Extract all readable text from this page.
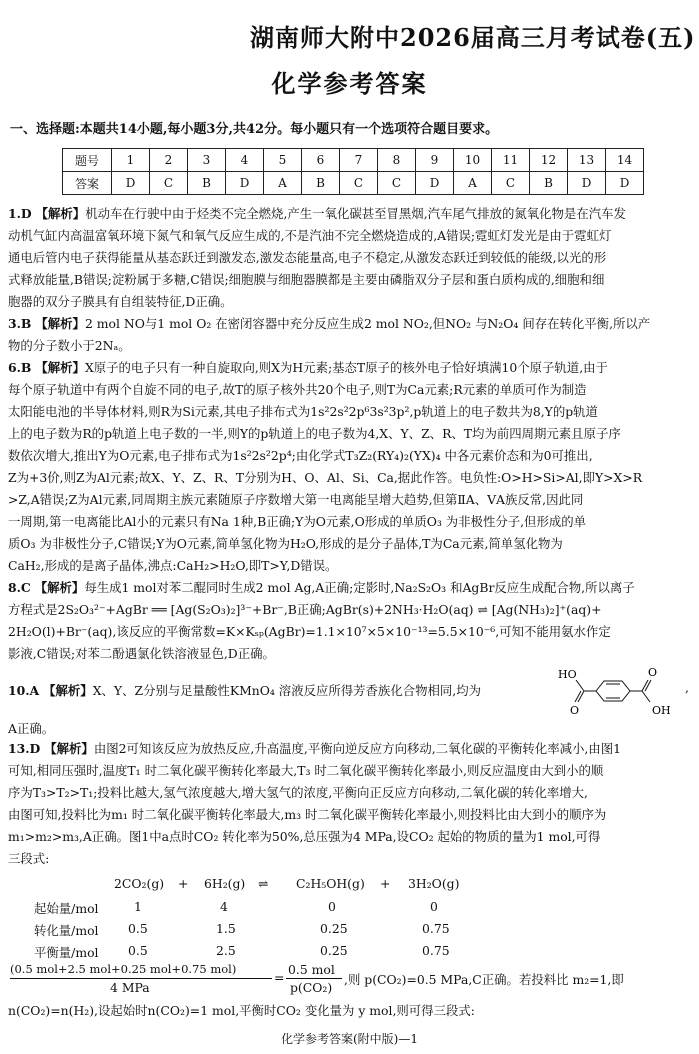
湖南师大附中2026届高三月考试卷(五)
化学参考答案
一、选择题:本题共14小题,每小题3分,共42分。每小题只有一个选项符合题目要求。
题号	1	2	3	4	5	6	7	8	9	10	11	12	13	14
答案	D	C	B	D	A	B	C	C	D	A	C	B	D	D
1.D 【解析】机动车在行驶中由于烃类不完全燃烧,产生一氧化碳甚至冒黑烟,汽车尾气排放的氮氧化物是在汽车发
动机气缸内高温富氧环境下氮气和氧气反应生成的,不是汽油不完全燃烧造成的,A错误;霓虹灯发光是由于霓虹灯
通电后管内电子获得能量从基态跃迁到激发态,激发态能量高,电子不稳定,从激发态跃迁到较低的能级,以光的形
式释放能量,B错误;淀粉属于多糖,C错误;细胞膜与细胞器膜都是主要由磷脂双分子层和蛋白质构成的,细胞和细
胞器的双分子膜具有自组装特征,D正确。
3.B 【解析】2 mol NO与1 mol O₂ 在密闭容器中充分反应生成2 mol NO₂,但NO₂ 与N₂O₄ 间存在转化平衡,所以产
物的分子数小于2Nₐ。
6.B 【解析】X原子的电子只有一种自旋取向,则X为H元素;基态T原子的核外电子恰好填满10个原子轨道,由于
每个原子轨道中有两个自旋不同的电子,故T的原子核外共20个电子,则T为Ca元素;R元素的单质可作为制造
太阳能电池的半导体材料,则R为Si元素,其电子排布式为1s²2s²2p⁶3s²3p²,p轨道上的电子数共为8,Y的p轨道
上的电子数为R的p轨道上电子数的一半,则Y的p轨道上的电子数为4,X、Y、Z、R、T均为前四周期元素且原子序
数依次增大,推出Y为O元素,电子排布式为1s²2s²2p⁴;由化学式T₃Z₂(RY₄)₂(YX)₄ 中各元素价态和为0可推出,
Z为+3价,则Z为Al元素;故X、Y、Z、R、T分别为H、O、Al、Si、Ca,据此作答。电负性:O>H>Si>Al,即Y>X>R
>Z,A错误;Z为Al元素,同周期主族元素随原子序数增大第一电离能呈增大趋势,但第ⅡA、ⅤA族反常,因此同
一周期,第一电离能比Al小的元素只有Na 1种,B正确;Y为O元素,O形成的单质O₃ 为非极性分子,但形成的单
质O₃ 为非极性分子,C错误;Y为O元素,简单氢化物为H₂O,形成的是分子晶体,T为Ca元素,简单氢化物为
CaH₂,形成的是离子晶体,沸点:CaH₂>H₂O,即T>Y,D错误。
8.C 【解析】每生成1 mol对苯二醌同时生成2 mol Ag,A正确;定影时,Na₂S₂O₃ 和AgBr反应生成配合物,所以离子
方程式是2S₂O₃²⁻+AgBr ══ [Ag(S₂O₃)₂]³⁻+Br⁻,B正确;AgBr(s)+2NH₃·H₂O(aq) ⇌ [Ag(NH₃)₂]⁺(aq)+
2H₂O(l)+Br⁻(aq),该反应的平衡常数=K×Kₛₚ(AgBr)=1.1×10⁷×5×10⁻¹³=5.5×10⁻⁶,可知不能用氨水作定
影液,C错误;对苯二酚遇氯化铁溶液显色,D正确。
10.A 【解析】X、Y、Z分别与足量酸性KMnO₄ 溶液反应所得芳香族化合物相同,均为	,
A正确。
HO
O
O
OH
13.D 【解析】由图2可知该反应为放热反应,升高温度,平衡向逆反应方向移动,二氧化碳的平衡转化率减小,由图1
可知,相同压强时,温度T₁ 时二氧化碳平衡转化率最大,T₃ 时二氧化碳平衡转化率最小,则反应温度由大到小的顺
序为T₃>T₂>T₁;投料比越大,氢气浓度越大,增大氢气的浓度,平衡向正反应方向移动,二氧化碳的转化率增大,
由图可知,投料比为m₁ 时二氧化碳平衡转化率最大,m₃ 时二氧化碳平衡转化率最小,则投料比由大到小的顺序为
m₁>m₂>m₃,A正确。图1中a点时CO₂ 转化率为50%,总压强为4 MPa,设CO₂ 起始的物质的量为1 mol,可得
三段式:
2CO₂(g) + 6H₂(g) ⇌ C₂H₅OH(g) + 3H₂O(g)
起始量/mol	1	4	0	0
转化量/mol 0.5	1.5	0.25	0.75
平衡量/mol 0.5	2.5	0.25	0.75
(0.5 mol+2.5 mol+0.25 mol+0.75 mol)
4 MPa
=
0.5 mol
p(CO₂)
,则 p(CO₂)=0.5 MPa,C正确。若投料比 m₂=1,即
n(CO₂)=n(H₂),设起始时n(CO₂)=1 mol,平衡时CO₂ 变化量为 y mol,则可得三段式:
化学参考答案(附中版)—1
